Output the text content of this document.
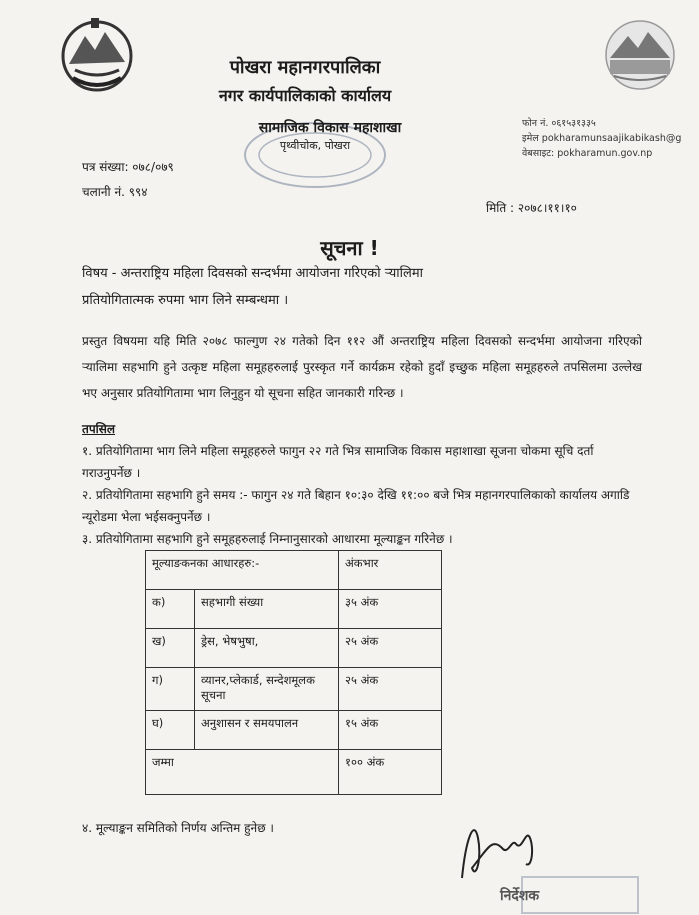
पोखरा महानगरपालिका
नगर कार्यपालिकाको कार्यालय
सामाजिक विकास महाशाखा
पृथ्वीचोक, पोखरा
फोन नं. ०६१५३१३३५
इमेल pokharamunsaajikabikash@g
वेबसाइट: pokharamun.gov.np
पत्र संख्या: ०७८/०७९
चलानी नं. ९९४
मिति : २०७८।११।१०
सूचना !
विषय - अन्तराष्ट्रिय महिला दिवसको सन्दर्भमा आयोजना गरिएको ऱ्यालिमा
प्रतियोगितात्मक रुपमा भाग लिने सम्बन्धमा ।
प्रस्तुत विषयमा यहि मिति २०७८ फाल्गुण २४ गतेको दिन ११२ औं अन्तराष्ट्रिय महिला दिवसको सन्दर्भमा आयोजना गरिएको ऱ्यालिमा सहभागि हुने उत्कृष्ट महिला समूहहरुलाई पुरस्कृत गर्ने कार्यक्रम रहेको हुदाँ इच्छुक महिला समूहहरुले तपसिलमा उल्लेख भए अनुसार प्रतियोगितामा भाग लिनुहुन यो सूचना सहित जानकारी गरिन्छ ।
तपसिल
१. प्रतियोगितामा भाग लिने महिला समूहहरुले फागुन २२ गते भित्र सामाजिक विकास महाशाखा सूजना चोकमा सूचि दर्ता गराउनुपर्नेछ ।
२. प्रतियोगितामा सहभागि हुने समय :- फागुन २४ गते बिहान १०:३० देखि ११:०० बजे भित्र महानगरपालिकाको कार्यालय अगाडि न्यूरोडमा भेला भईसक्नुपर्नेछ ।
३. प्रतियोगितामा सहभागि हुने समूहहरुलाई निम्नानुसारको आधारमा मूल्याङ्कन गरिनेछ ।
मूल्याङकनका आधारहरु:-		अंकभार
क)	सहभागी संख्या	३५ अंक
ख)	ड्रेस, भेषभुषा,	२५ अंक
ग)	व्यानर,प्लेकार्ड, सन्देशमूलक सूचना	२५ अंक
घ)	अनुशासन र समयपालन	१५ अंक
जम्मा		१०० अंक
४. मूल्याङ्कन समितिको निर्णय अन्तिम हुनेछ ।
निर्देशक
